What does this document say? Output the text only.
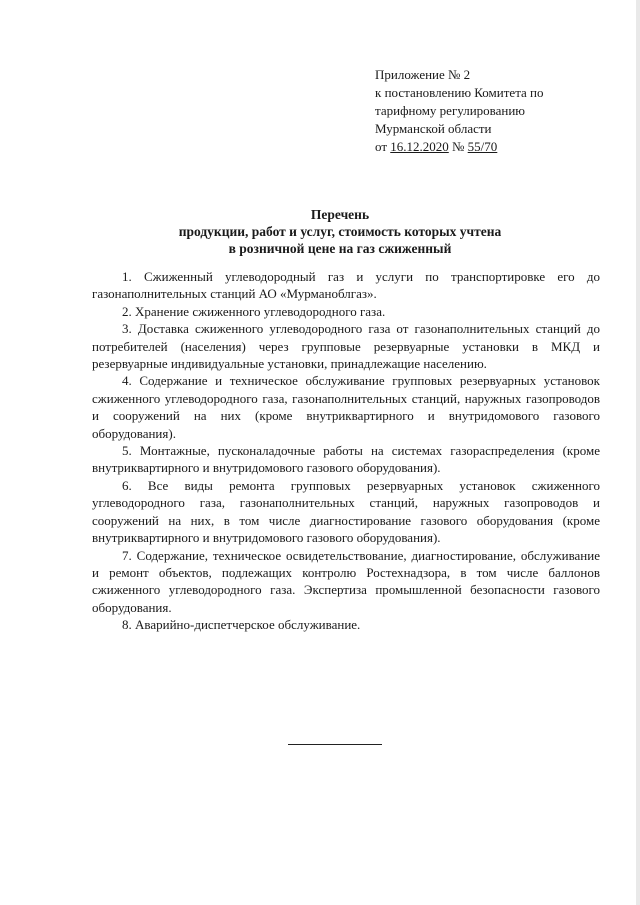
Приложение № 2
к постановлению Комитета по
тарифному регулированию
Мурманской области
от 16.12.2020 № 55/70
Перечень
продукции, работ и услуг, стоимость которых учтена
в розничной цене на газ сжиженный

1. Сжиженный углеводородный газ и услуги по транспортировке его до газонаполнительных станций АО «Мурманоблгаз».

2. Хранение сжиженного углеводородного газа.

3. Доставка сжиженного углеводородного газа от газонаполнительных станций до потребителей (населения) через групповые резервуарные установки в МКД и резервуарные индивидуальные установки, принадлежащие населению.

4. Содержание и техническое обслуживание групповых резервуарных установок сжиженного углеводородного газа, газонаполнительных станций, наружных газопроводов и сооружений на них (кроме внутриквартирного и внутридомового газового оборудования).

5. Монтажные, пусконаладочные работы на системах газораспределения (кроме внутриквартирного и внутридомового газового оборудования).

6. Все виды ремонта групповых резервуарных установок сжиженного углеводородного газа, газонаполнительных станций, наружных газопроводов и сооружений на них, в том числе диагностирование газового оборудования (кроме внутриквартирного и внутридомового газового оборудования).

7. Содержание, техническое освидетельствование, диагностирование, обслуживание и ремонт объектов, подлежащих контролю Ростехнадзора, в том числе баллонов сжиженного углеводородного газа. Экспертиза промышленной безопасности газового оборудования.

8. Аварийно-диспетчерское обслуживание.
